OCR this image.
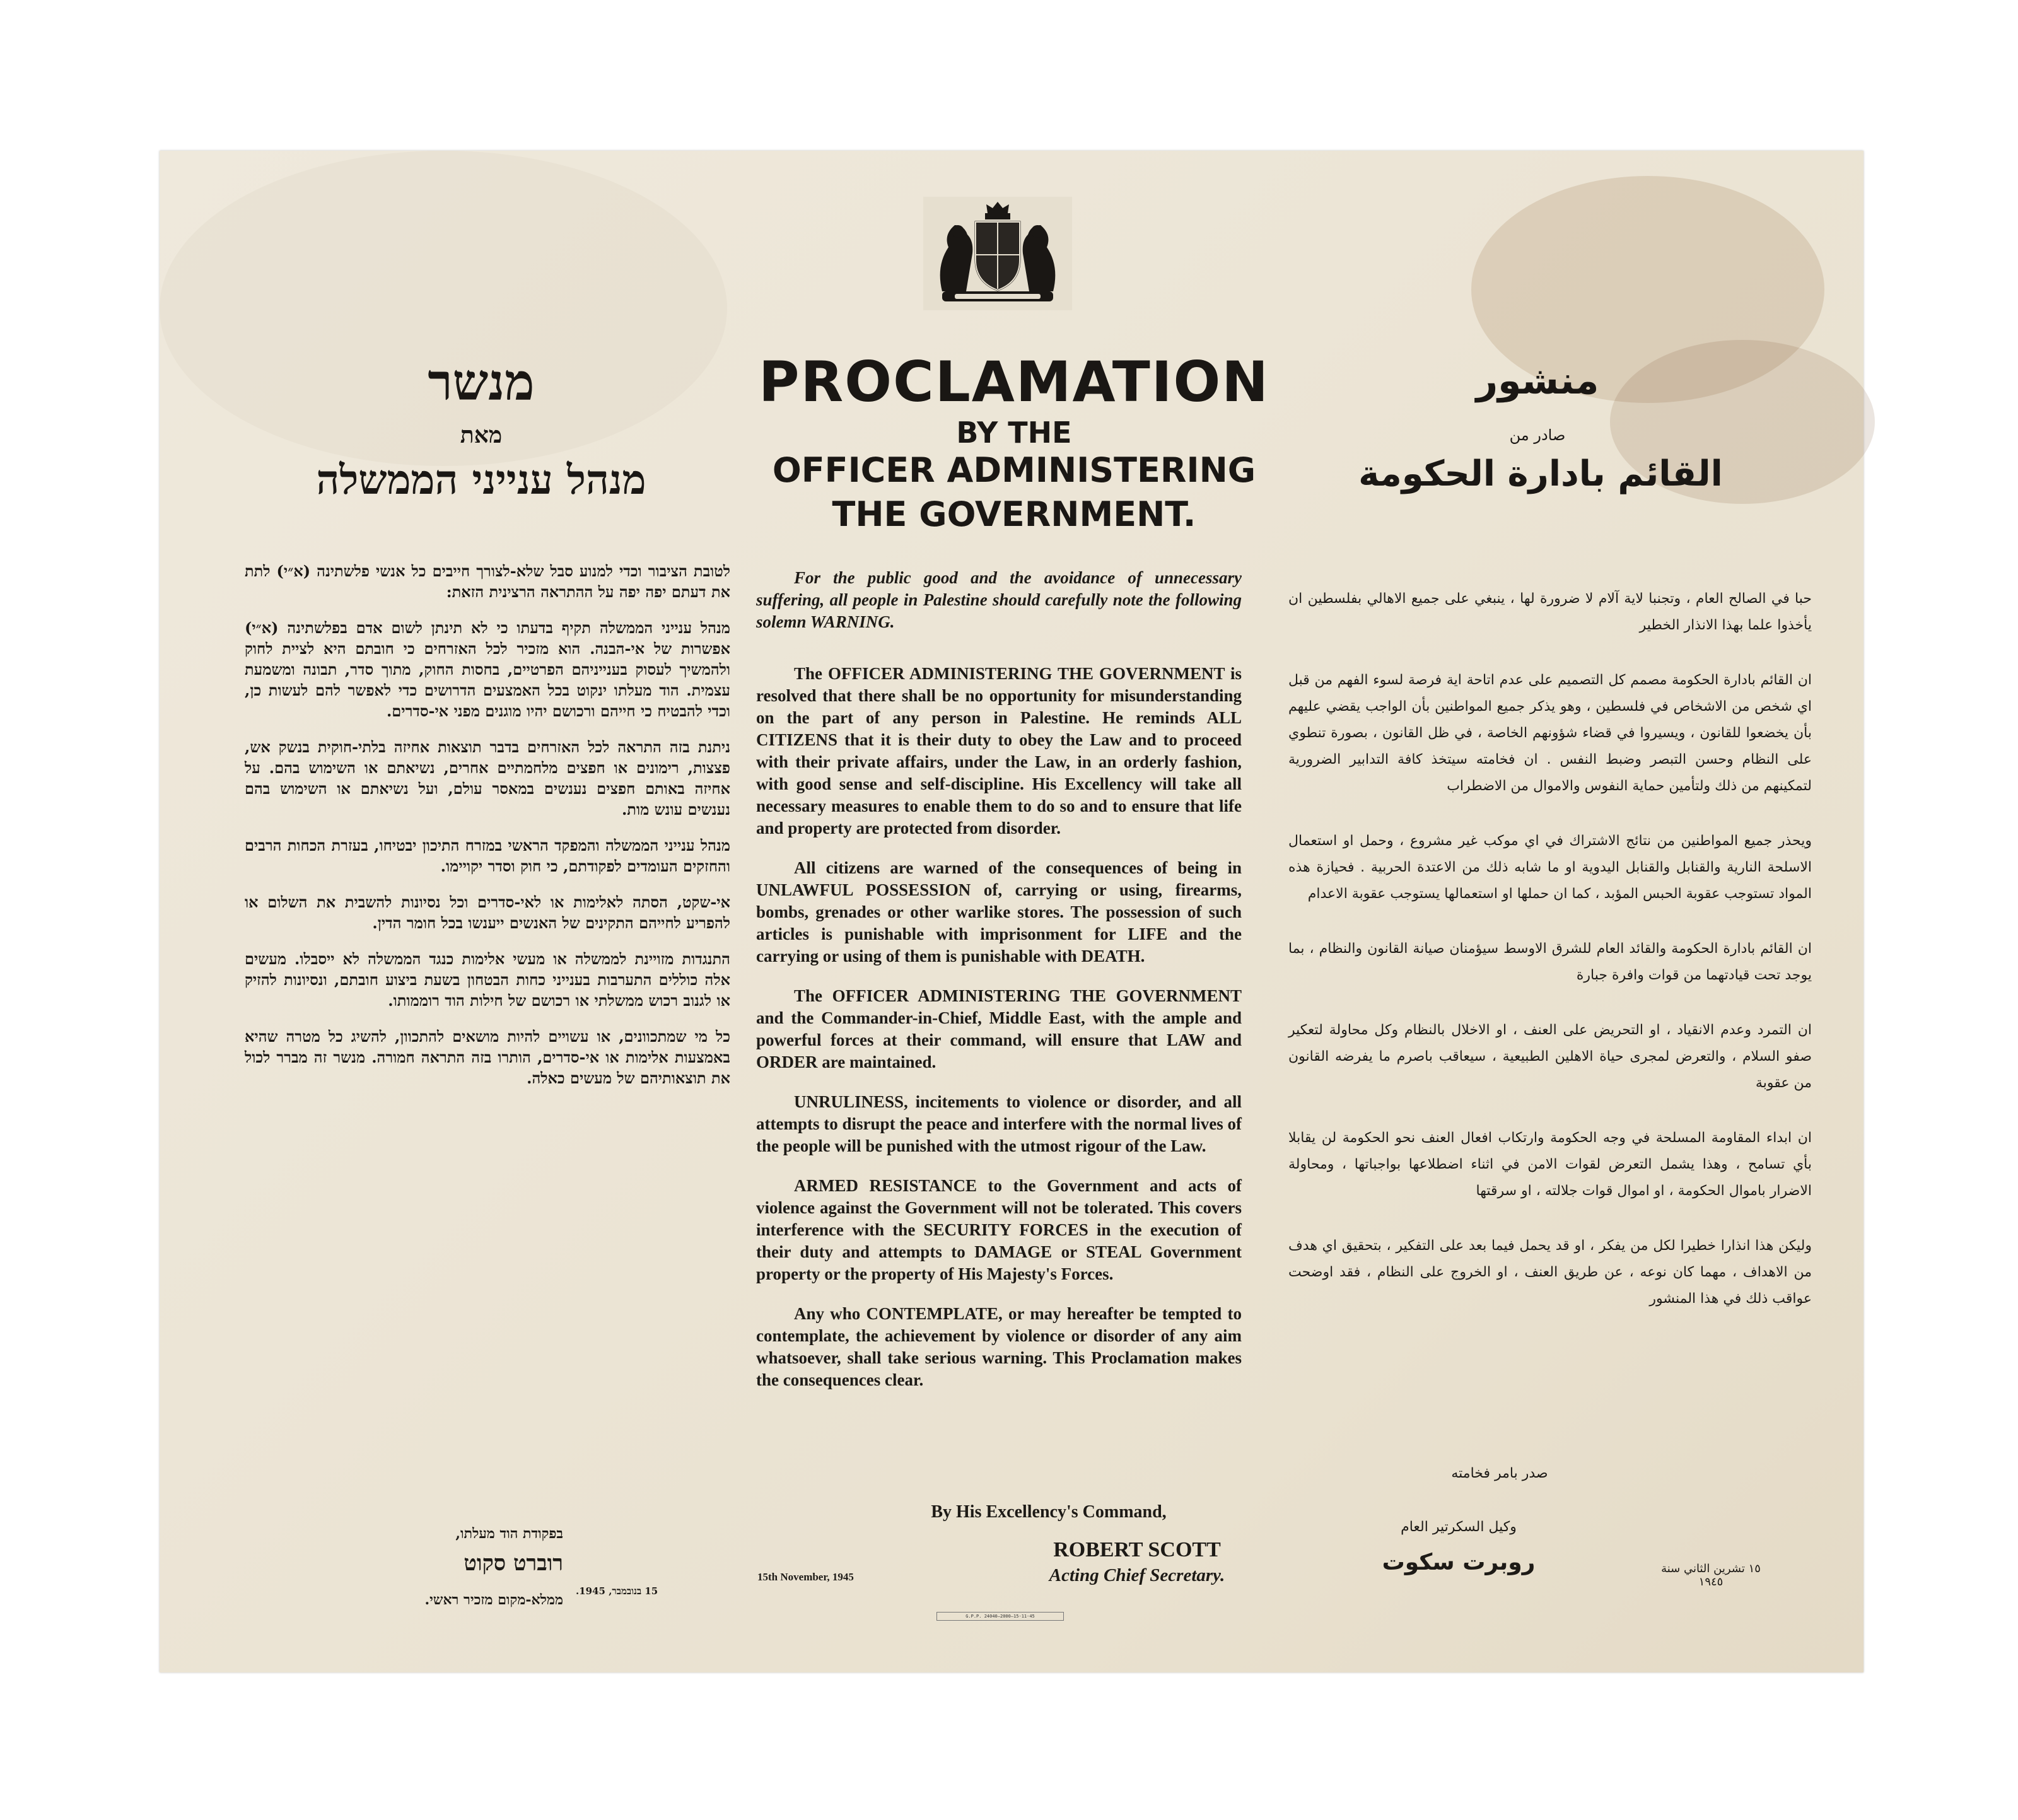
PROCLAMATION
BY THE
OFFICER ADMINISTERING
THE GOVERNMENT.

For the public good and the avoidance of unnecessary suffering, all people in Palestine should carefully note the following solemn WARNING.

The OFFICER ADMINISTERING THE GOVERNMENT is resolved that there shall be no opportunity for misunderstanding on the part of any person in Palestine. He reminds ALL CITIZENS that it is their duty to obey the Law and to proceed with their private affairs, under the Law, in an orderly fashion, with good sense and self-discipline. His Excellency will take all necessary measures to enable them to do so and to ensure that life and property are protected from disorder.

All citizens are warned of the consequences of being in UNLAWFUL POSSESSION of, carrying or using, firearms, bombs, grenades or other warlike stores. The possession of such articles is punishable with imprisonment for LIFE and the carrying or using of them is punishable with DEATH.

The OFFICER ADMINISTERING THE GOVERNMENT and the Commander-in-Chief, Middle East, with the ample and powerful forces at their command, will ensure that LAW and ORDER are maintained.

UNRULINESS, incitements to violence or disorder, and all attempts to disrupt the peace and interfere with the normal lives of the people will be punished with the utmost rigour of the Law.

ARMED RESISTANCE to the Government and acts of violence against the Government will not be tolerated. This covers interference with the SECURITY FORCES in the execution of their duty and attempts to DAMAGE or STEAL Government property or the property of His Majesty's Forces.

Any who CONTEMPLATE, or may hereafter be tempted to contemplate, the achievement by violence or disorder of any aim whatsoever, shall take serious warning. This Proclamation makes the consequences clear.

By His Excellency's Command,
ROBERT SCOTT
Acting Chief Secretary.
15th November, 1945
G.P.P. 24040—2000—15-11-45
מנשר
מאת
מנהל ענייני הממשלה

לטובת הציבור וכדי למנוע סבל שלא-לצורך חייבים כל אנשי פלשתינה (א״י) לתת את דעתם יפה יפה על ההתראה הרצינית הזאת:

מנהל ענייני הממשלה תקיף בדעתו כי לא תינתן לשום אדם בפלשתינה (א״י) אפשרות של אי-הבנה. הוא מזכיר לכל האזרחים כי חובתם היא לציית לחוק ולהמשיך לעסוק בענייניהם הפרטיים, בחסות החוק, מתוך סדר, תבונה ומשמעת עצמית. הוד מעלתו ינקוט בכל האמצעים הדרושים כדי לאפשר להם לעשות כן, וכדי להבטיח כי חייהם ורכושם יהיו מוגנים מפני אי-סדרים.

ניתנת בזה התראה לכל האזרחים בדבר תוצאות אחיזה בלתי-חוקית בנשק אש, פצצות, רימונים או חפצים מלחמתיים אחרים, נשיאתם או השימוש בהם. על אחיזה באותם חפצים נענשים במאסר עולם, ועל נשיאתם או השימוש בהם נענשים עונש מות.

מנהל ענייני הממשלה והמפקד הראשי במזרח התיכון יבטיחו, בעזרת הכחות הרבים והחזקים העומדים לפקודתם, כי חוק וסדר יקויימו.

אי-שקט, הסתה לאלימות או לאי-סדרים וכל נסיונות להשבית את השלום או להפריע לחייהם התקינים של האנשים ייענשו בכל חומר הדין.

התנגדות מזויינת לממשלה או מעשי אלימות כנגד הממשלה לא ייסבלו. מעשים אלה כוללים התערבות בענייני כחות הבטחון בשעת ביצוע חובתם, ונסיונות להזיק או לגנוב רכוש ממשלתי או רכושם של חילות הוד רוממותו.

כל מי שמתכוונים, או עשויים להיות מושאים להתכוון, להשיג כל מטרה שהיא באמצעות אלימות או אי-סדרים, הותרו בזה התראה חמורה. מנשר זה מברר לכול את תוצאותיהם של מעשים כאלה.

בפקודת הוד מעלתו,
רוברט סקוט
ממלא-מקום מזכיר ראשי.
15 בנובמבר, 1945.
منشور
صادر من
القائم بادارة الحكومة

حبا في الصالح العام ، وتجنبا لاية آلام لا ضرورة لها ، ينبغي على جميع الاهالي بفلسطين ان يأخذوا علما بهذا الانذار الخطير

ان القائم بادارة الحكومة مصمم كل التصميم على عدم اتاحة اية فرصة لسوء الفهم من قبل اي شخص من الاشخاص في فلسطين ، وهو يذكر جميع المواطنين بأن الواجب يقضي عليهم بأن يخضعوا للقانون ، ويسيروا في قضاء شؤونهم الخاصة ، في ظل القانون ، بصورة تنطوي على النظام وحسن التبصر وضبط النفس . ان فخامته سيتخذ كافة التدابير الضرورية لتمكينهم من ذلك ولتأمين حماية النفوس والاموال من الاضطراب

ويحذر جميع المواطنين من نتائج الاشتراك في اي موكب غير مشروع ، وحمل او استعمال الاسلحة النارية والقنابل والقنابل اليدوية او ما شابه ذلك من الاعتدة الحربية . فحيازة هذه المواد تستوجب عقوبة الحبس المؤبد ، كما ان حملها او استعمالها يستوجب عقوبة الاعدام

ان القائم بادارة الحكومة والقائد العام للشرق الاوسط سيؤمنان صيانة القانون والنظام ، بما يوجد تحت قيادتهما من قوات وافرة جبارة

ان التمرد وعدم الانقياد ، او التحريض على العنف ، او الاخلال بالنظام وكل محاولة لتعكير صفو السلام ، والتعرض لمجرى حياة الاهلين الطبيعية ، سيعاقب باصرم ما يفرضه القانون من عقوبة

ان ابداء المقاومة المسلحة في وجه الحكومة وارتكاب افعال العنف نحو الحكومة لن يقابلا بأي تسامح ، وهذا يشمل التعرض لقوات الامن في اثناء اضطلاعها بواجباتها ، ومحاولة الاضرار باموال الحكومة ، او اموال قوات جلالته ، او سرقتها

وليكن هذا انذارا خطيرا لكل من يفكر ، او قد يحمل فيما بعد على التفكير ، بتحقيق اي هدف من الاهداف ، مهما كان نوعه ، عن طريق العنف ، او الخروج على النظام ، فقد اوضحت عواقب ذلك في هذا المنشور

صدر بامر فخامته
وكيل السكرتير العام
روبرت سكوت	١٥ تشرين الثاني سنة ١٩٤٥
